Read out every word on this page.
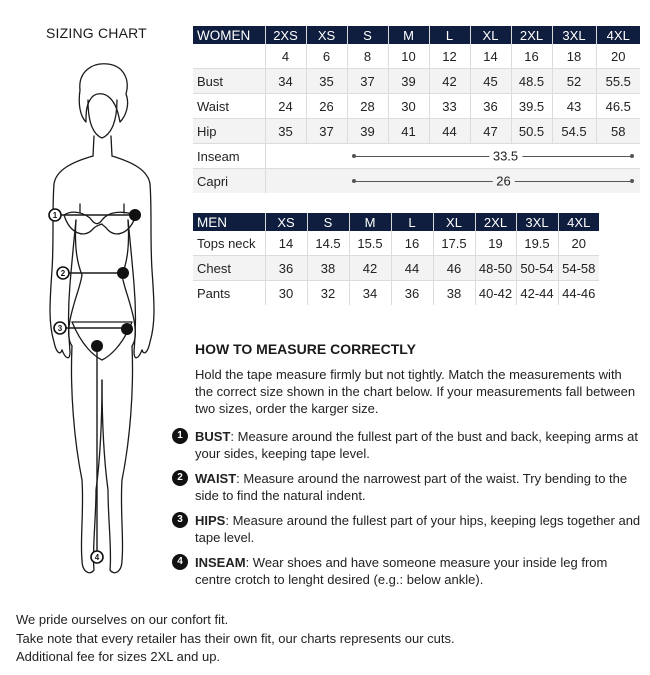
SIZING CHART
1
2
3
4
WOMEN	2XS	XS	S	M	L	XL	2XL	3XL	4XL
	4	6	8	10	12	14	16	18	20
Bust	34	35	37	39	42	45	48.5	52	55.5
Waist	24	26	28	30	33	36	39.5	43	46.5
Hip	35	37	39	41	44	47	50.5	54.5	58
Inseam	33.5								

Capri	26								
MEN	XS	S	M	L	XL	2XL	3XL	4XL
Tops neck	14	14.5	15.5	16	17.5	19	19.5	20
Chest	36	38	42	44	46	48-50	50-54	54-58
Pants	30	32	34	36	38	40-42	42-44	44-46
HOW TO MEASURE CORRECTLY
Hold the tape measure firmly but not tightly. Match the measurements with the correct size shown in the chart below. If your measurements fall between two sizes, order the karger size.
1 BUST: Measure around the fullest part of the bust and back, keeping arms at your sides, keeping tape level.
2 WAIST: Measure around the narrowest part of the waist. Try bending to the side to find the natural indent.
3 HIPS: Measure around the fullest part of your hips, keeping legs together and tape level.
4 INSEAM: Wear shoes and have someone measure your inside leg from centre crotch to lenght desired (e.g.: below ankle).
We pride ourselves on our confort fit.
Take note that every retailer has their own fit, our charts represents our cuts.
Additional fee for sizes 2XL and up.
